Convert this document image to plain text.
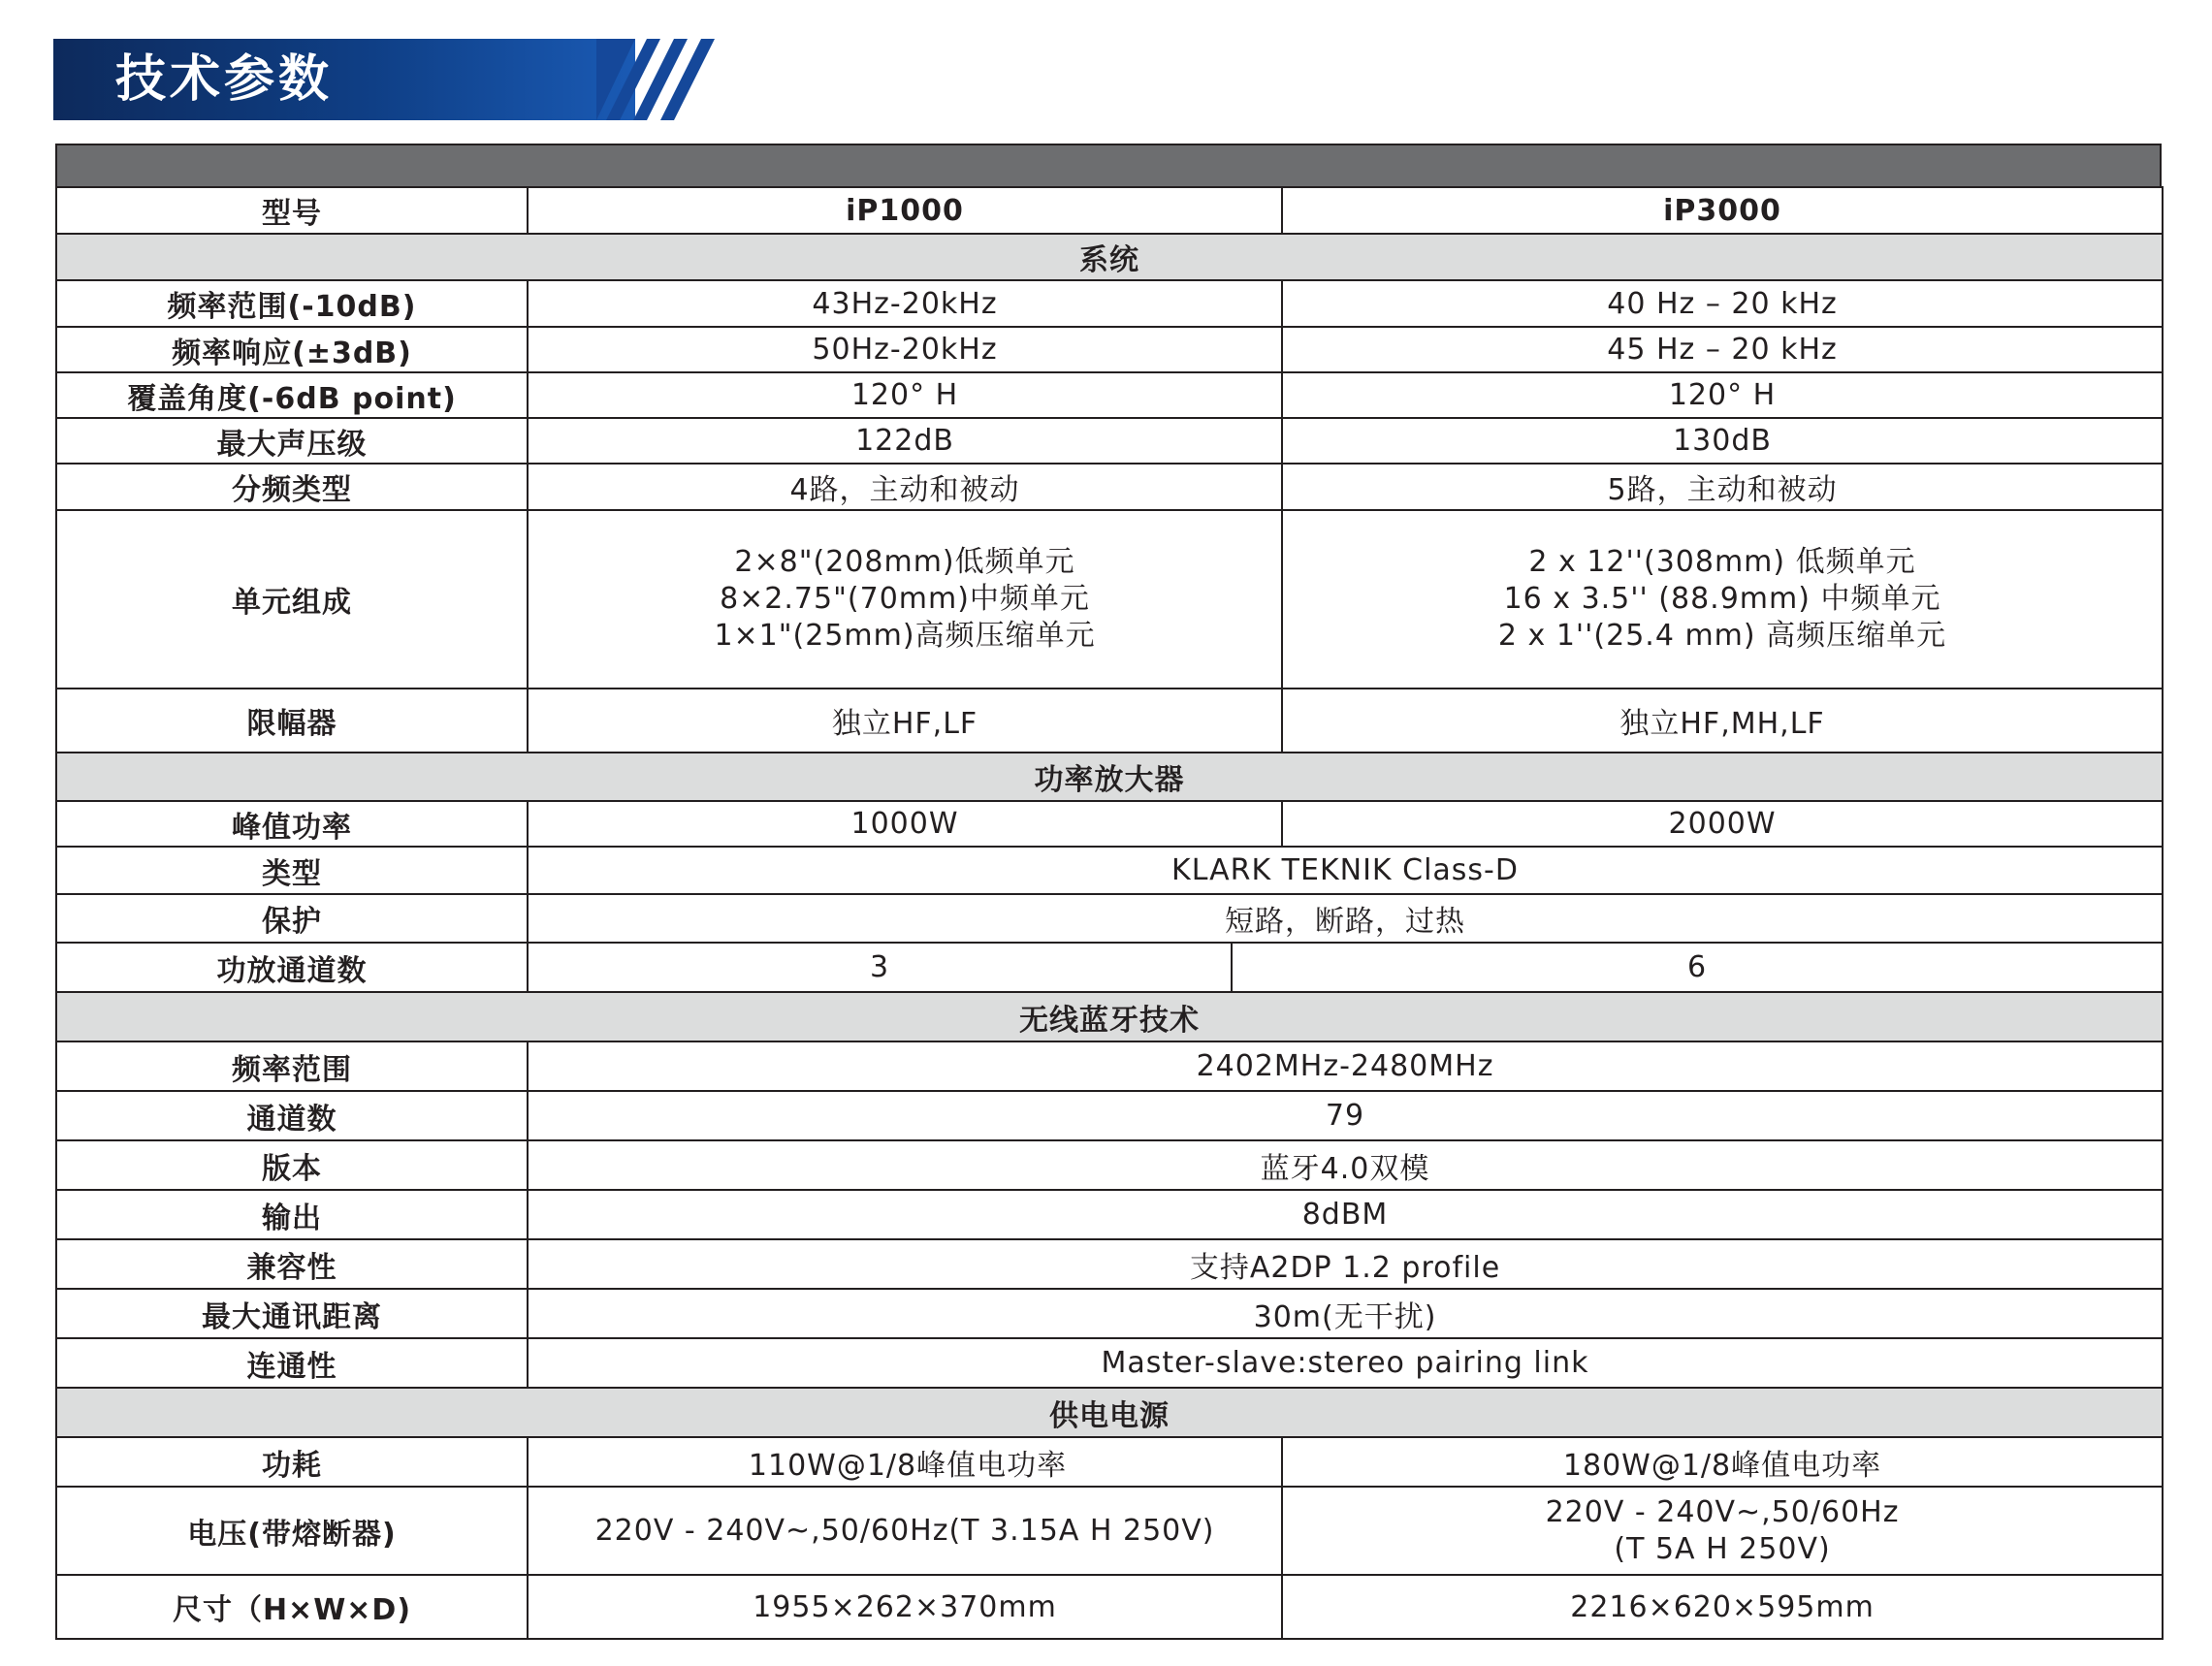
技术参数
型号	iP1000		iP3000
系统			
频率范围(-10dB)	43Hz-20kHz		40 Hz – 20 kHz
频率响应(±3dB)	50Hz-20kHz		45 Hz – 20 kHz
覆盖角度(-6dB point)	120° H		120° H
最大声压级	122dB		130dB
分频类型	4路，主动和被动		5路，主动和被动
单元组成	2×8"(208mm)低频单元
8×2.75"(70mm)中频单元
1×1"(25mm)高频压缩单元		2 x 12''(308mm) 低频单元
16 x 3.5'' (88.9mm) 中频单元
2 x 1''(25.4 mm) 高频压缩单元

限幅器	独立HF,LF		独立HF,MH,LF
功率放大器			
峰值功率	1000W		2000W
类型	KLARK TEKNIK Class-D		
保护	短路，断路，过热		
功放通道数	3	6	
无线蓝牙技术			
频率范围	2402MHz-2480MHz		
通道数	79		
版本	蓝牙4.0双模		
输出	8dBM		
兼容性	支持A2DP 1.2 profile		
最大通讯距离	30m(无干扰)		
连通性	Master-slave:stereo pairing link		
供电电源			
功耗	110W@1/8峰值电功率		180W@1/8峰值电功率
电压(带熔断器)	220V - 240V~,50/60Hz(T 3.15A H 250V)		220V - 240V~,50/60Hz
(T 5A H 250V)

尺寸（H×W×D)	1955×262×370mm		2216×620×595mm
